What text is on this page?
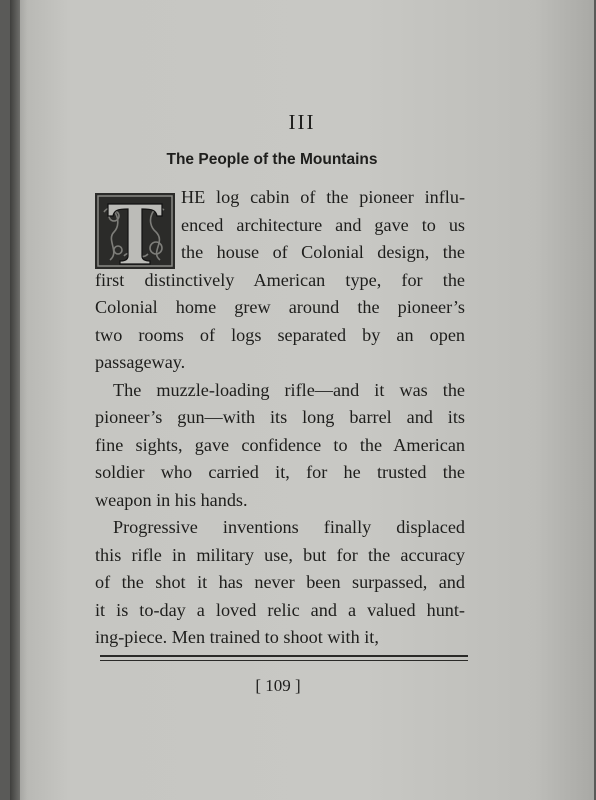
III
The People of the Mountains
T
HE log cabin of the pioneer influ-
enced architecture and gave to us
the house of Colonial design, the
first distinctively American type, for the
Colonial home grew around the pioneer’s
two rooms of logs separated by an open
passageway.
The muzzle-loading rifle—and it was the
pioneer’s gun—with its long barrel and its
fine sights, gave confidence to the American
soldier who carried it, for he trusted the
weapon in his hands.
Progressive inventions finally displaced
this rifle in military use, but for the accuracy
of the shot it has never been surpassed, and
it is to-day a loved relic and a valued hunt-
ing-piece. Men trained to shoot with it,
[ 109 ]
